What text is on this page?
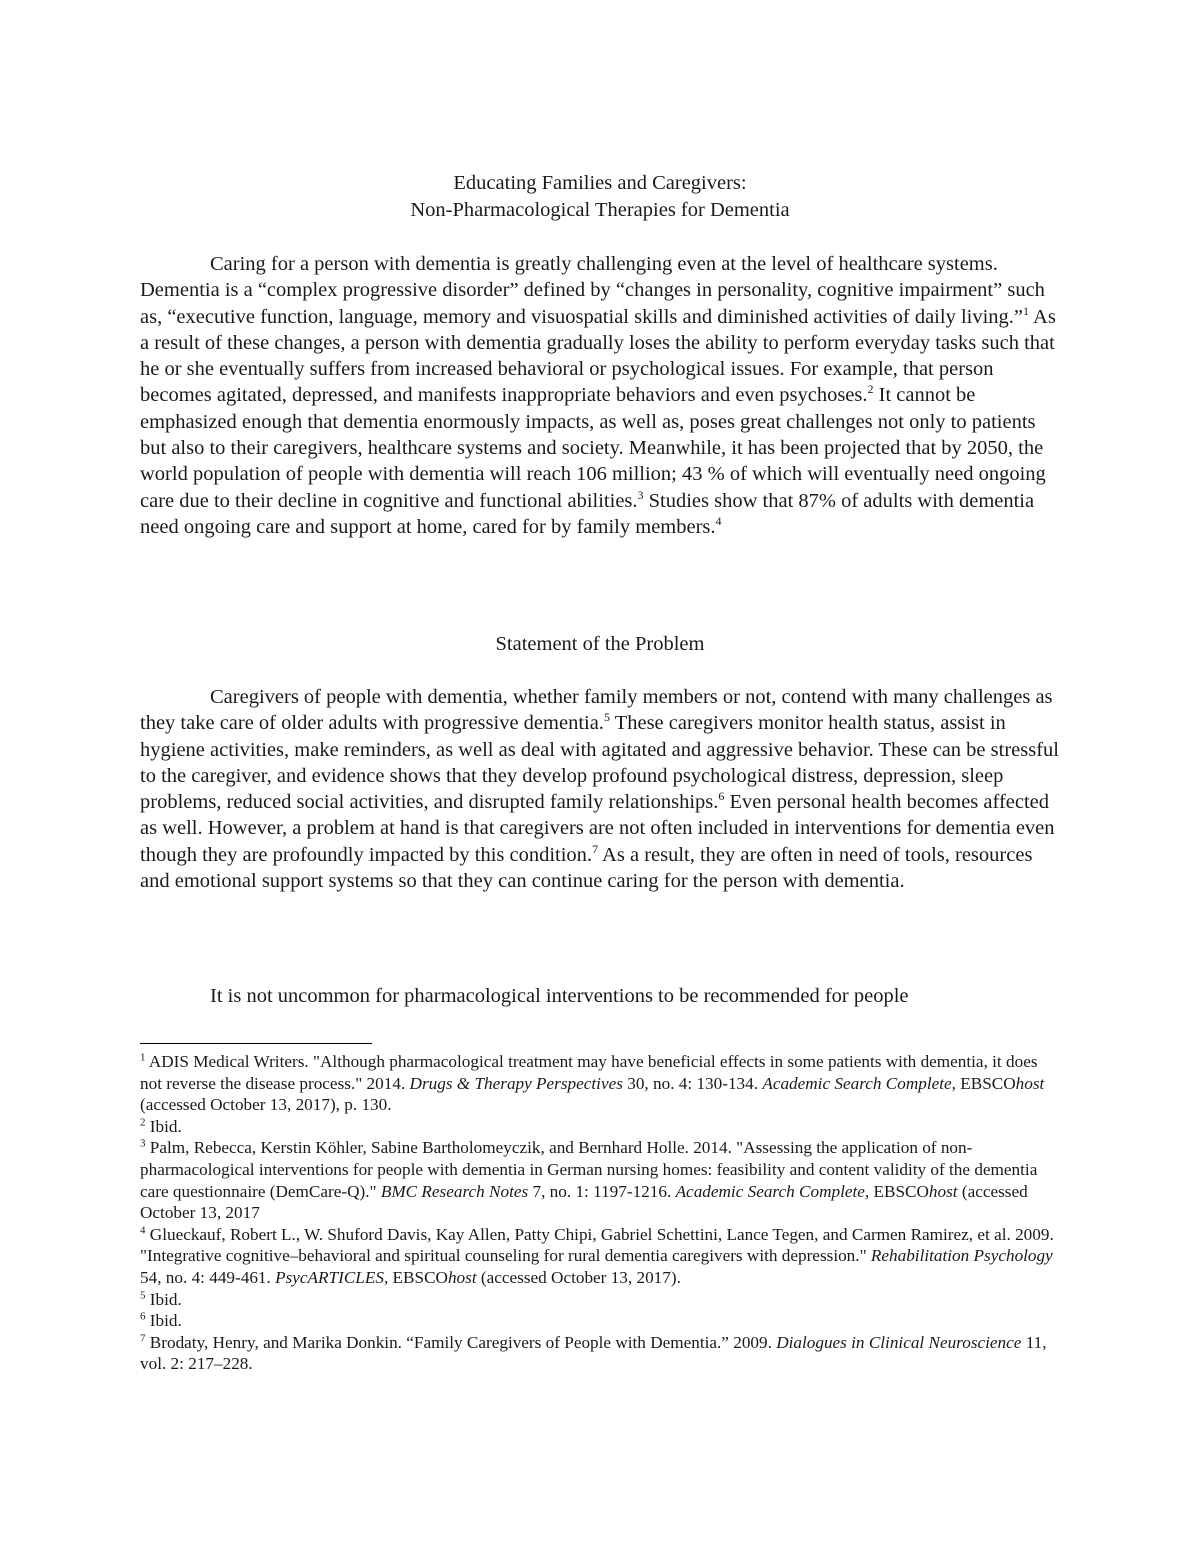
Educating Families and Caregivers:
Non-Pharmacological Therapies for Dementia

Caring for a person with dementia is greatly challenging even at the level of healthcare systems. Dementia is a “complex progressive disorder” defined by “changes in personality, cognitive impairment” such as, “executive function, language, memory and visuospatial skills and diminished activities of daily living.”$^1$ As a result of these changes, a person with dementia gradually loses the ability to perform everyday tasks such that he or she eventually suffers from increased behavioral or psychological issues. For example, that person becomes agitated, depressed, and manifests inappropriate behaviors and even psychoses.$^2$ It cannot be emphasized enough that dementia enormously impacts, as well as, poses great challenges not only to patients but also to their caregivers, healthcare systems and society. Meanwhile, it has been projected that by 2050, the world population of people with dementia will reach 106 million; 43 % of which will eventually need ongoing care due to their decline in cognitive and functional abilities.$^3$ Studies show that 87% of adults with dementia need ongoing care and support at home, cared for by family members.$^4$

Statement of the Problem

Caregivers of people with dementia, whether family members or not, contend with many challenges as they take care of older adults with progressive dementia.$^5$ These caregivers monitor health status, assist in hygiene activities, make reminders, as well as deal with agitated and aggressive behavior. These can be stressful to the caregiver, and evidence shows that they develop profound psychological distress, depression, sleep problems, reduced social activities, and disrupted family relationships.$^6$ Even personal health becomes affected as well. However, a problem at hand is that caregivers are not often included in interventions for dementia even though they are profoundly impacted by this condition.$^7$ As a result, they are often in need of tools, resources and emotional support systems so that they can continue caring for the person with dementia.

It is not uncommon for pharmacological interventions to be recommended for people

$^1$ ADIS Medical Writers. "Although pharmacological treatment may have beneficial effects in some patients with dementia, it does not reverse the disease process." 2014. Drugs & Therapy Perspectives 30, no. 4: 130-134. Academic Search Complete, EBSCOhost (accessed October 13, 2017), p. 130.

$^2$ Ibid.

$^3$ Palm, Rebecca, Kerstin Köhler, Sabine Bartholomeyczik, and Bernhard Holle. 2014. "Assessing the application of non-pharmacological interventions for people with dementia in German nursing homes: feasibility and content validity of the dementia care questionnaire (DemCare-Q)." BMC Research Notes 7, no. 1: 1197-1216. Academic Search Complete, EBSCOhost (accessed October 13, 2017

$^4$ Glueckauf, Robert L., W. Shuford Davis, Kay Allen, Patty Chipi, Gabriel Schettini, Lance Tegen, and Carmen Ramirez, et al. 2009. "Integrative cognitive–behavioral and spiritual counseling for rural dementia caregivers with depression." Rehabilitation Psychology 54, no. 4: 449-461. PsycARTICLES, EBSCOhost (accessed October 13, 2017).

$^5$ Ibid.

$^6$ Ibid.

$^7$ Brodaty, Henry, and Marika Donkin. “Family Caregivers of People with Dementia.” 2009. Dialogues in Clinical Neuroscience 11, vol. 2: 217–228.
